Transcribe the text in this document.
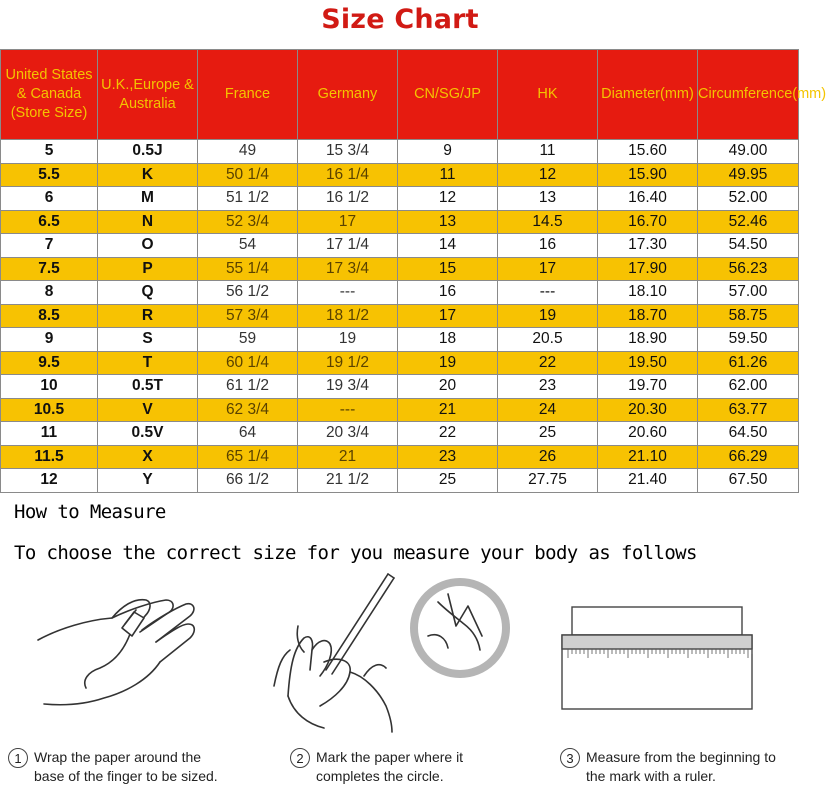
Size Chart
United States & Canada (Store Size)	U.K.,Europe & Australia	France	Germany	CN/SG/JP	HK	Diameter(mm)	Circumference(mm)
5	0.5J	49	15 3/4	9	11	15.60	49.00
5.5	K	50 1/4	16 1/4	11	12	15.90	49.95
6	M	51 1/2	16 1/2	12	13	16.40	52.00
6.5	N	52 3/4	17	13	14.5	16.70	52.46
7	O	54	17 1/4	14	16	17.30	54.50
7.5	P	55 1/4	17 3/4	15	17	17.90	56.23
8	Q	56 1/2	---	16	---	18.10	57.00
8.5	R	57 3/4	18 1/2	17	19	18.70	58.75
9	S	59	19	18	20.5	18.90	59.50
9.5	T	60 1/4	19 1/2	19	22	19.50	61.26
10	0.5T	61 1/2	19 3/4	20	23	19.70	62.00
10.5	V	62 3/4	---	21	24	20.30	63.77
11	0.5V	64	20 3/4	22	25	20.60	64.50
11.5	X	65 1/4	21	23	26	21.10	66.29
12	Y	66 1/2	21 1/2	25	27.75	21.40	67.50
How to Measure
To choose the correct size for you measure your body as follows
1 Wrap the paper around the
base of the finger to be sized.
2 Mark the paper where it
completes the circle.
3 Measure from the beginning to
the mark with a ruler.
